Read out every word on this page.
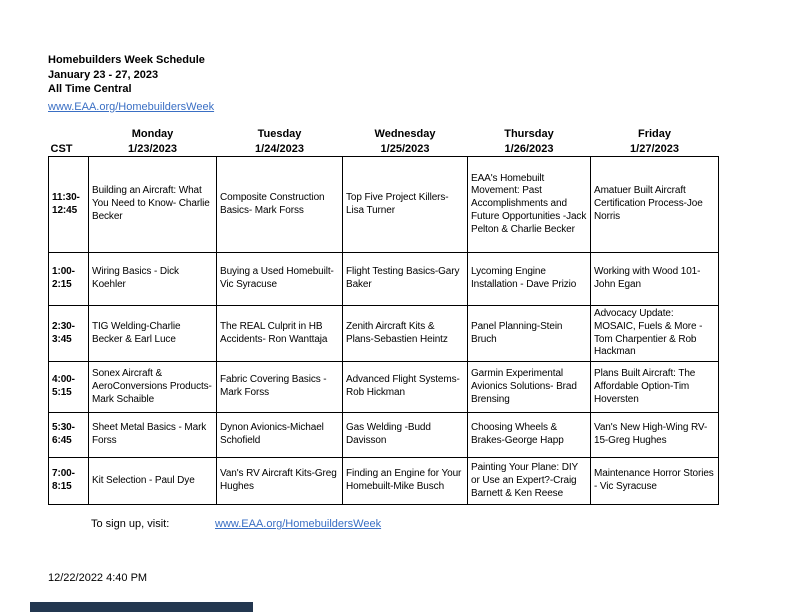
Homebuilders Week Schedule
January 23 - 27, 2023
All Time Central
www.EAA.org/HomebuildersWeek
	Monday	Tuesday	Wednesday	Thursday	Friday
CST	1/23/2023	1/24/2023	1/25/2023	1/26/2023	1/27/2023
11:30-12:45	Building an Aircraft: What You Need to Know- Charlie Becker	Composite Construction Basics- Mark Forss	Top Five Project Killers-Lisa Turner	EAA's Homebuilt Movement: Past Accomplishments and Future Opportunities -Jack Pelton & Charlie Becker	Amatuer Built Aircraft Certification Process-Joe Norris
1:00-2:15	Wiring Basics - Dick Koehler	Buying a Used Homebuilt-Vic Syracuse	Flight Testing Basics-Gary Baker	Lycoming Engine Installation - Dave Prizio	Working with Wood 101-John Egan
2:30-3:45	TIG Welding-Charlie Becker & Earl Luce	The REAL Culprit in HB Accidents- Ron Wanttaja	Zenith Aircraft Kits & Plans-Sebastien Heintz	Panel Planning-Stein Bruch	Advocacy Update: MOSAIC, Fuels & More - Tom Charpentier & Rob Hackman
4:00-5:15	Sonex Aircraft & AeroConversions Products-Mark Schaible	Fabric Covering Basics - Mark Forss	Advanced Flight Systems-Rob Hickman	Garmin Experimental Avionics Solutions- Brad Brensing	Plans Built Aircraft: The Affordable Option-Tim Hoversten
5:30-6:45	Sheet Metal Basics - Mark Forss	Dynon Avionics-Michael Schofield	Gas Welding -Budd Davisson	Choosing Wheels & Brakes-George Happ	Van's New High-Wing RV-15-Greg Hughes
7:00-8:15	Kit Selection - Paul Dye	Van's RV Aircraft Kits-Greg Hughes	Finding an Engine for Your Homebuilt-Mike Busch	Painting Your Plane: DIY or Use an Expert?-Craig Barnett & Ken Reese	Maintenance Horror Stories - Vic Syracuse
To sign up, visit:	www.EAA.org/HomebuildersWeek
12/22/2022 4:40 PM
